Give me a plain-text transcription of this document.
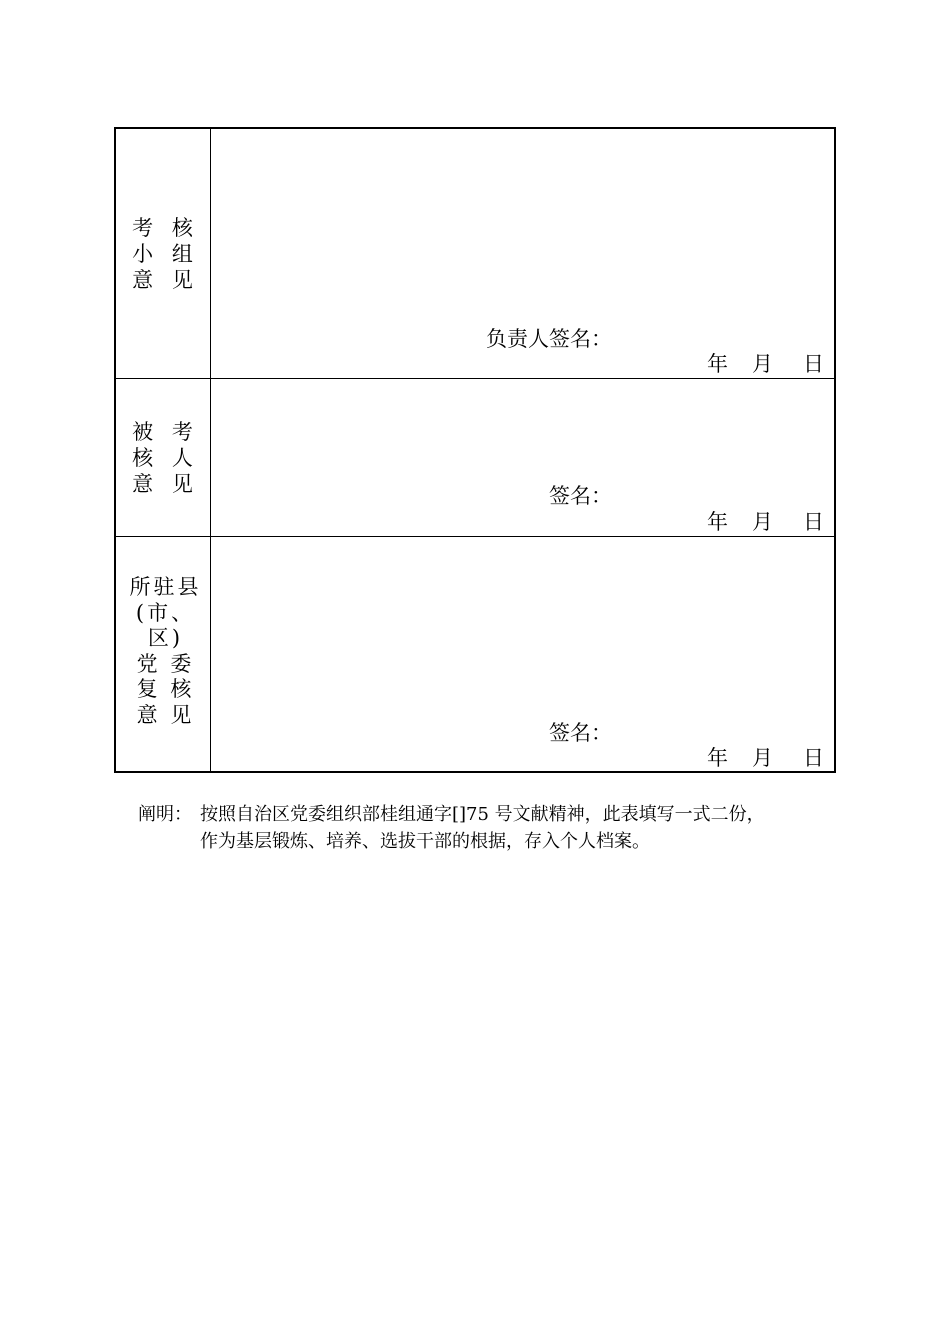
考 核
小 组
意 见
负责人签名：
年 月 日
被 考
核 人
意 见	签名：
年 月 日
所驻县
(市、
区)
党 委
复 核
意 见
签名：
年 月 日
阐明： 按照自治区党委组织部桂组通字[]75 号文献精神，此表填写一式二份，
作为基层锻炼、培养、选拔干部的根据，存入个人档案。
